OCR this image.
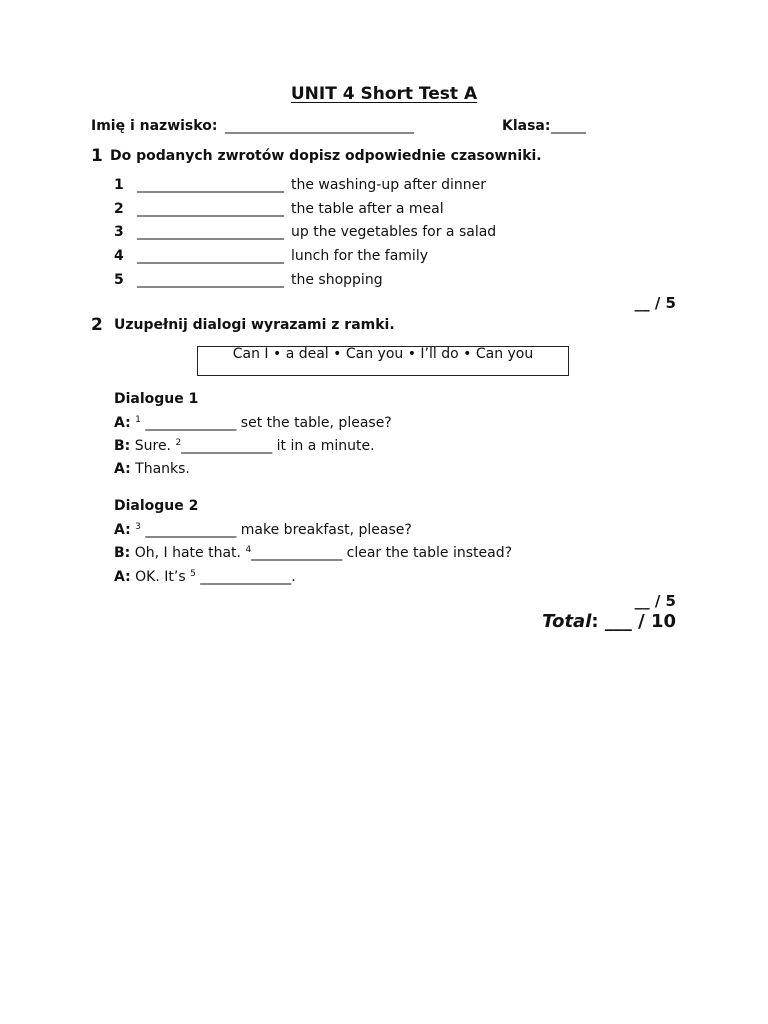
UNIT 4 Short Test A
Imię i nazwisko: ___________________________	Klasa: _____
1 Do podanych zwrotów dopisz odpowiednie czasowniki.
1 _____________________ the washing-up after dinner
2 _____________________ the table after a meal
3 _____________________ up the vegetables for a salad
4 _____________________ lunch for the family
5 _____________________ the shopping
__ / 5
2 Uzupełnij dialogi wyrazami z ramki.
Can I • a deal • Can you • I’ll do • Can you
Dialogue 1
A: $^1$ _____________ set the table, please?
B: Sure. $^2$_____________ it in a minute.
A: Thanks.
Dialogue 2
A: $^3$ _____________ make breakfast, please?
B: Oh, I hate that. $^4$_____________ clear the table instead?
A: OK. It’s $^5$ _____________.
__ / 5
Total: ___ / 10
